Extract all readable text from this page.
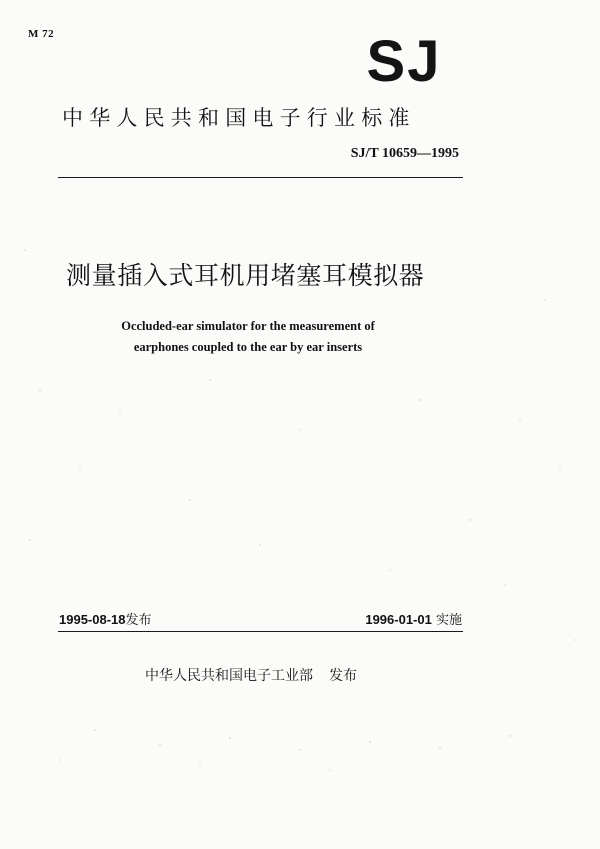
M 72	SJ
中华人民共和国电子行业标准
SJ/T 10659—1995
测量插入式耳机用堵塞耳模拟器
Occluded-ear simulator for the measurement of
earphones coupled to the ear by ear inserts
1995-08-18发布	1996-01-01 实施
中华人民共和国电子工业部 发布
